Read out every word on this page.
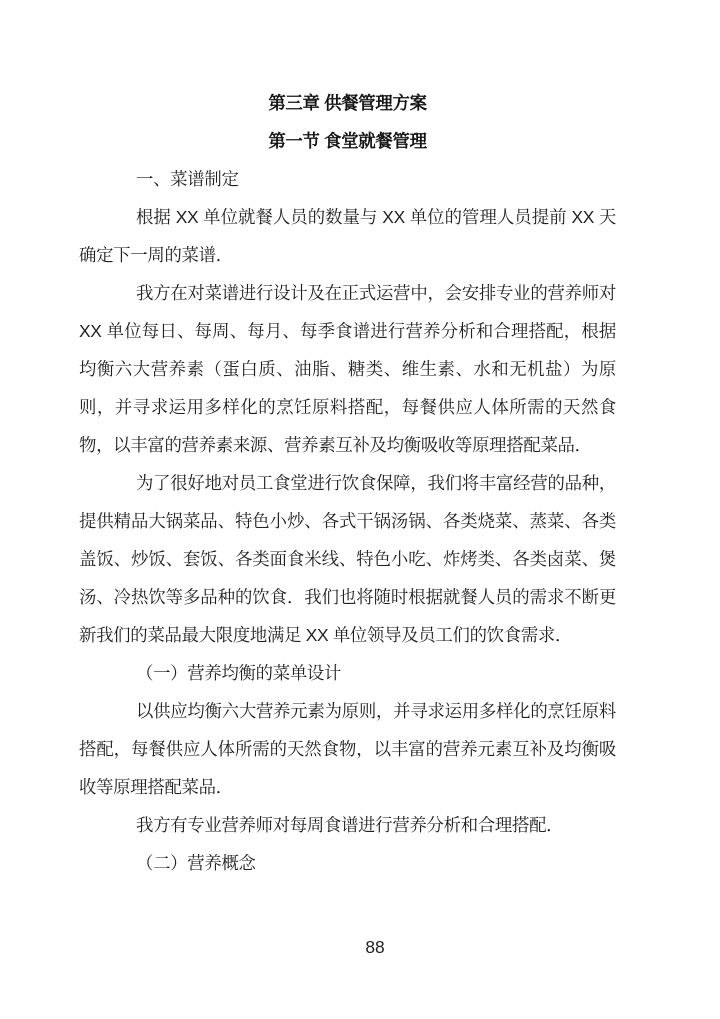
第三章 供餐管理方案

第一节 食堂就餐管理

一、菜谱制定

根据 XX 单位就餐人员的数量与 XX 单位的管理人员提前 XX 天确定下一周的菜谱．

我方在对菜谱进行设计及在正式运营中，会安排专业的营养师对 XX 单位每日、每周、每月、每季食谱进行营养分析和合理搭配，根据均衡六大营养素（蛋白质、油脂、糖类、维生素、水和无机盐）为原则，并寻求运用多样化的烹饪原料搭配，每餐供应人体所需的天然食物，以丰富的营养素来源、营养素互补及均衡吸收等原理搭配菜品．

为了很好地对员工食堂进行饮食保障，我们将丰富经营的品种，提供精品大锅菜品、特色小炒、各式干锅汤锅、各类烧菜、蒸菜、各类盖饭、炒饭、套饭、各类面食米线、特色小吃、炸烤类、各类卤菜、煲汤、冷热饮等多品种的饮食．我们也将随时根据就餐人员的需求不断更新我们的菜品最大限度地满足 XX 单位领导及员工们的饮食需求．

（一）营养均衡的菜单设计

以供应均衡六大营养元素为原则，并寻求运用多样化的烹饪原料搭配，每餐供应人体所需的天然食物，以丰富的营养元素互补及均衡吸收等原理搭配菜品．

我方有专业营养师对每周食谱进行营养分析和合理搭配．

（二）营养概念

88
